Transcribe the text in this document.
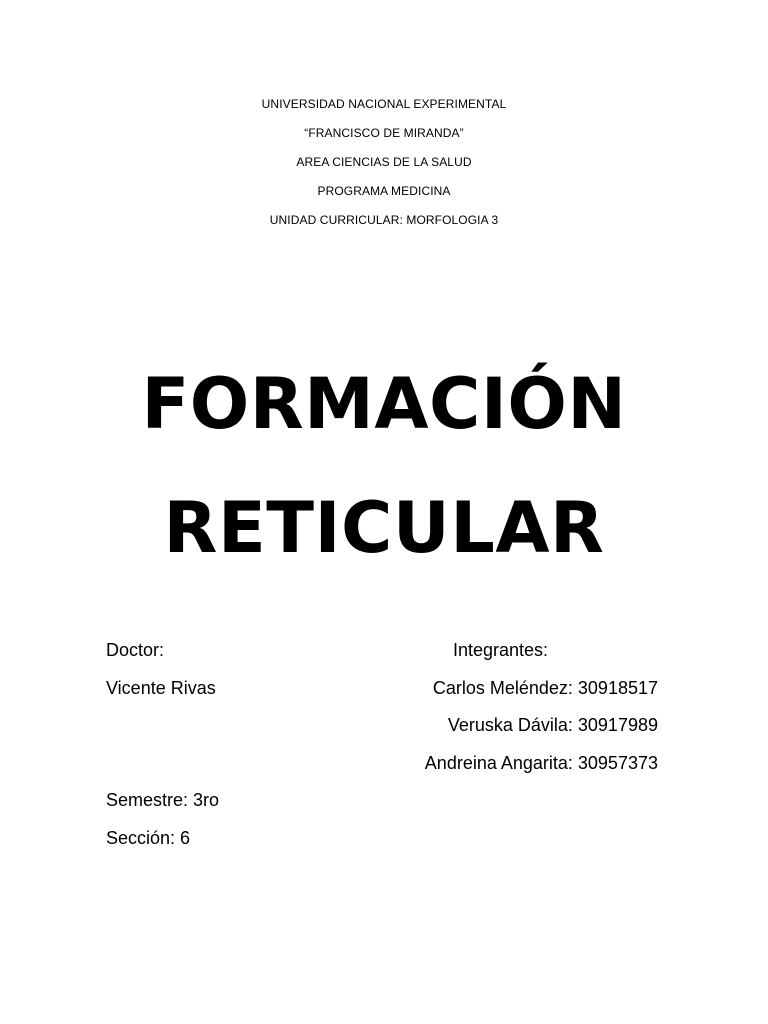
UNIVERSIDAD NACIONAL EXPERIMENTAL
“FRANCISCO DE MIRANDA”
AREA CIENCIAS DE LA SALUD
PROGRAMA MEDICINA
UNIDAD CURRICULAR: MORFOLOGIA 3
FORMACIÓN
RETICULAR
Doctor:
Vicente Rivas
Semestre: 3ro
Sección: 6
Integrantes:
Carlos Meléndez: 30918517
Veruska Dávila: 30917989
Andreina Angarita: 30957373
